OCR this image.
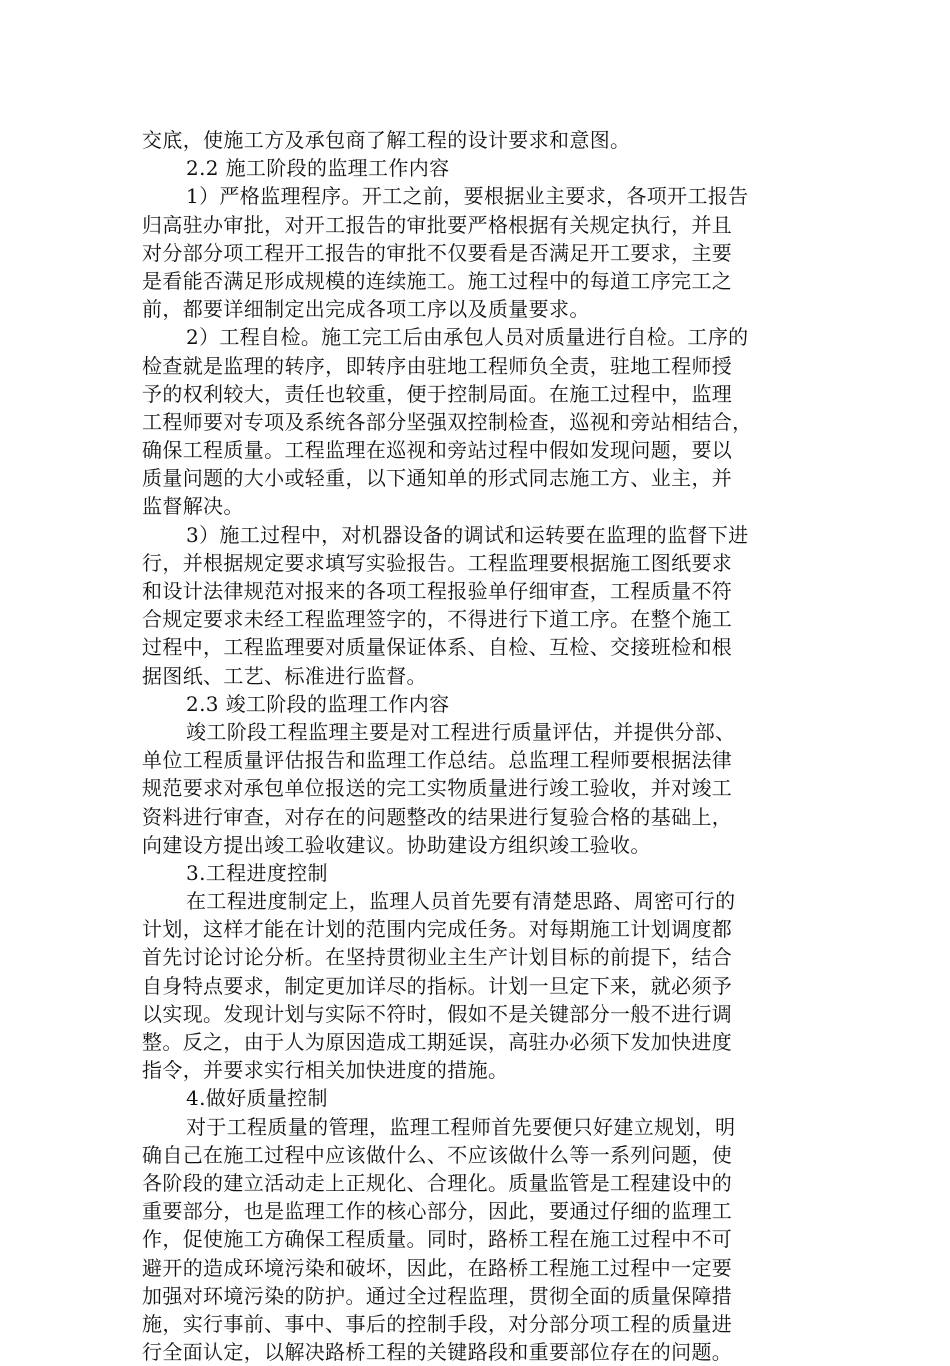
交底，使施工方及承包商了解工程的设计要求和意图。
2.2 施工阶段的监理工作内容
1）严格监理程序。开工之前，要根据业主要求，各项开工报告
归高驻办审批，对开工报告的审批要严格根据有关规定执行，并且
对分部分项工程开工报告的审批不仅要看是否满足开工要求，主要
是看能否满足形成规模的连续施工。施工过程中的每道工序完工之
前，都要详细制定出完成各项工序以及质量要求。
2）工程自检。施工完工后由承包人员对质量进行自检。工序的
检查就是监理的转序，即转序由驻地工程师负全责，驻地工程师授
予的权利较大，责任也较重，便于控制局面。在施工过程中，监理
工程师要对专项及系统各部分坚强双控制检查，巡视和旁站相结合，
确保工程质量。工程监理在巡视和旁站过程中假如发现问题，要以
质量问题的大小或轻重，以下通知单的形式同志施工方、业主，并
监督解决。
3）施工过程中，对机器设备的调试和运转要在监理的监督下进
行，并根据规定要求填写实验报告。工程监理要根据施工图纸要求
和设计法律规范对报来的各项工程报验单仔细审查，工程质量不符
合规定要求未经工程监理签字的，不得进行下道工序。在整个施工
过程中，工程监理要对质量保证体系、自检、互检、交接班检和根
据图纸、工艺、标准进行监督。
2.3 竣工阶段的监理工作内容
竣工阶段工程监理主要是对工程进行质量评估，并提供分部、
单位工程质量评估报告和监理工作总结。总监理工程师要根据法律
规范要求对承包单位报送的完工实物质量进行竣工验收，并对竣工
资料进行审查，对存在的问题整改的结果进行复验合格的基础上，
向建设方提出竣工验收建议。协助建设方组织竣工验收。
3.工程进度控制
在工程进度制定上，监理人员首先要有清楚思路、周密可行的
计划，这样才能在计划的范围内完成任务。对每期施工计划调度都
首先讨论讨论分析。在坚持贯彻业主生产计划目标的前提下，结合
自身特点要求，制定更加详尽的指标。计划一旦定下来，就必须予
以实现。发现计划与实际不符时，假如不是关键部分一般不进行调
整。反之，由于人为原因造成工期延误，高驻办必须下发加快进度
指令，并要求实行相关加快进度的措施。
4.做好质量控制
对于工程质量的管理，监理工程师首先要便只好建立规划，明
确自己在施工过程中应该做什么、不应该做什么等一系列问题，使
各阶段的建立活动走上正规化、合理化。质量监管是工程建设中的
重要部分，也是监理工作的核心部分，因此，要通过仔细的监理工
作，促使施工方确保工程质量。同时，路桥工程在施工过程中不可
避开的造成环境污染和破坏，因此，在路桥工程施工过程中一定要
加强对环境污染的防护。通过全过程监理，贯彻全面的质量保障措
施，实行事前、事中、事后的控制手段，对分部分项工程的质量进
行全面认定，以解决路桥工程的关键路段和重要部位存在的问题。
